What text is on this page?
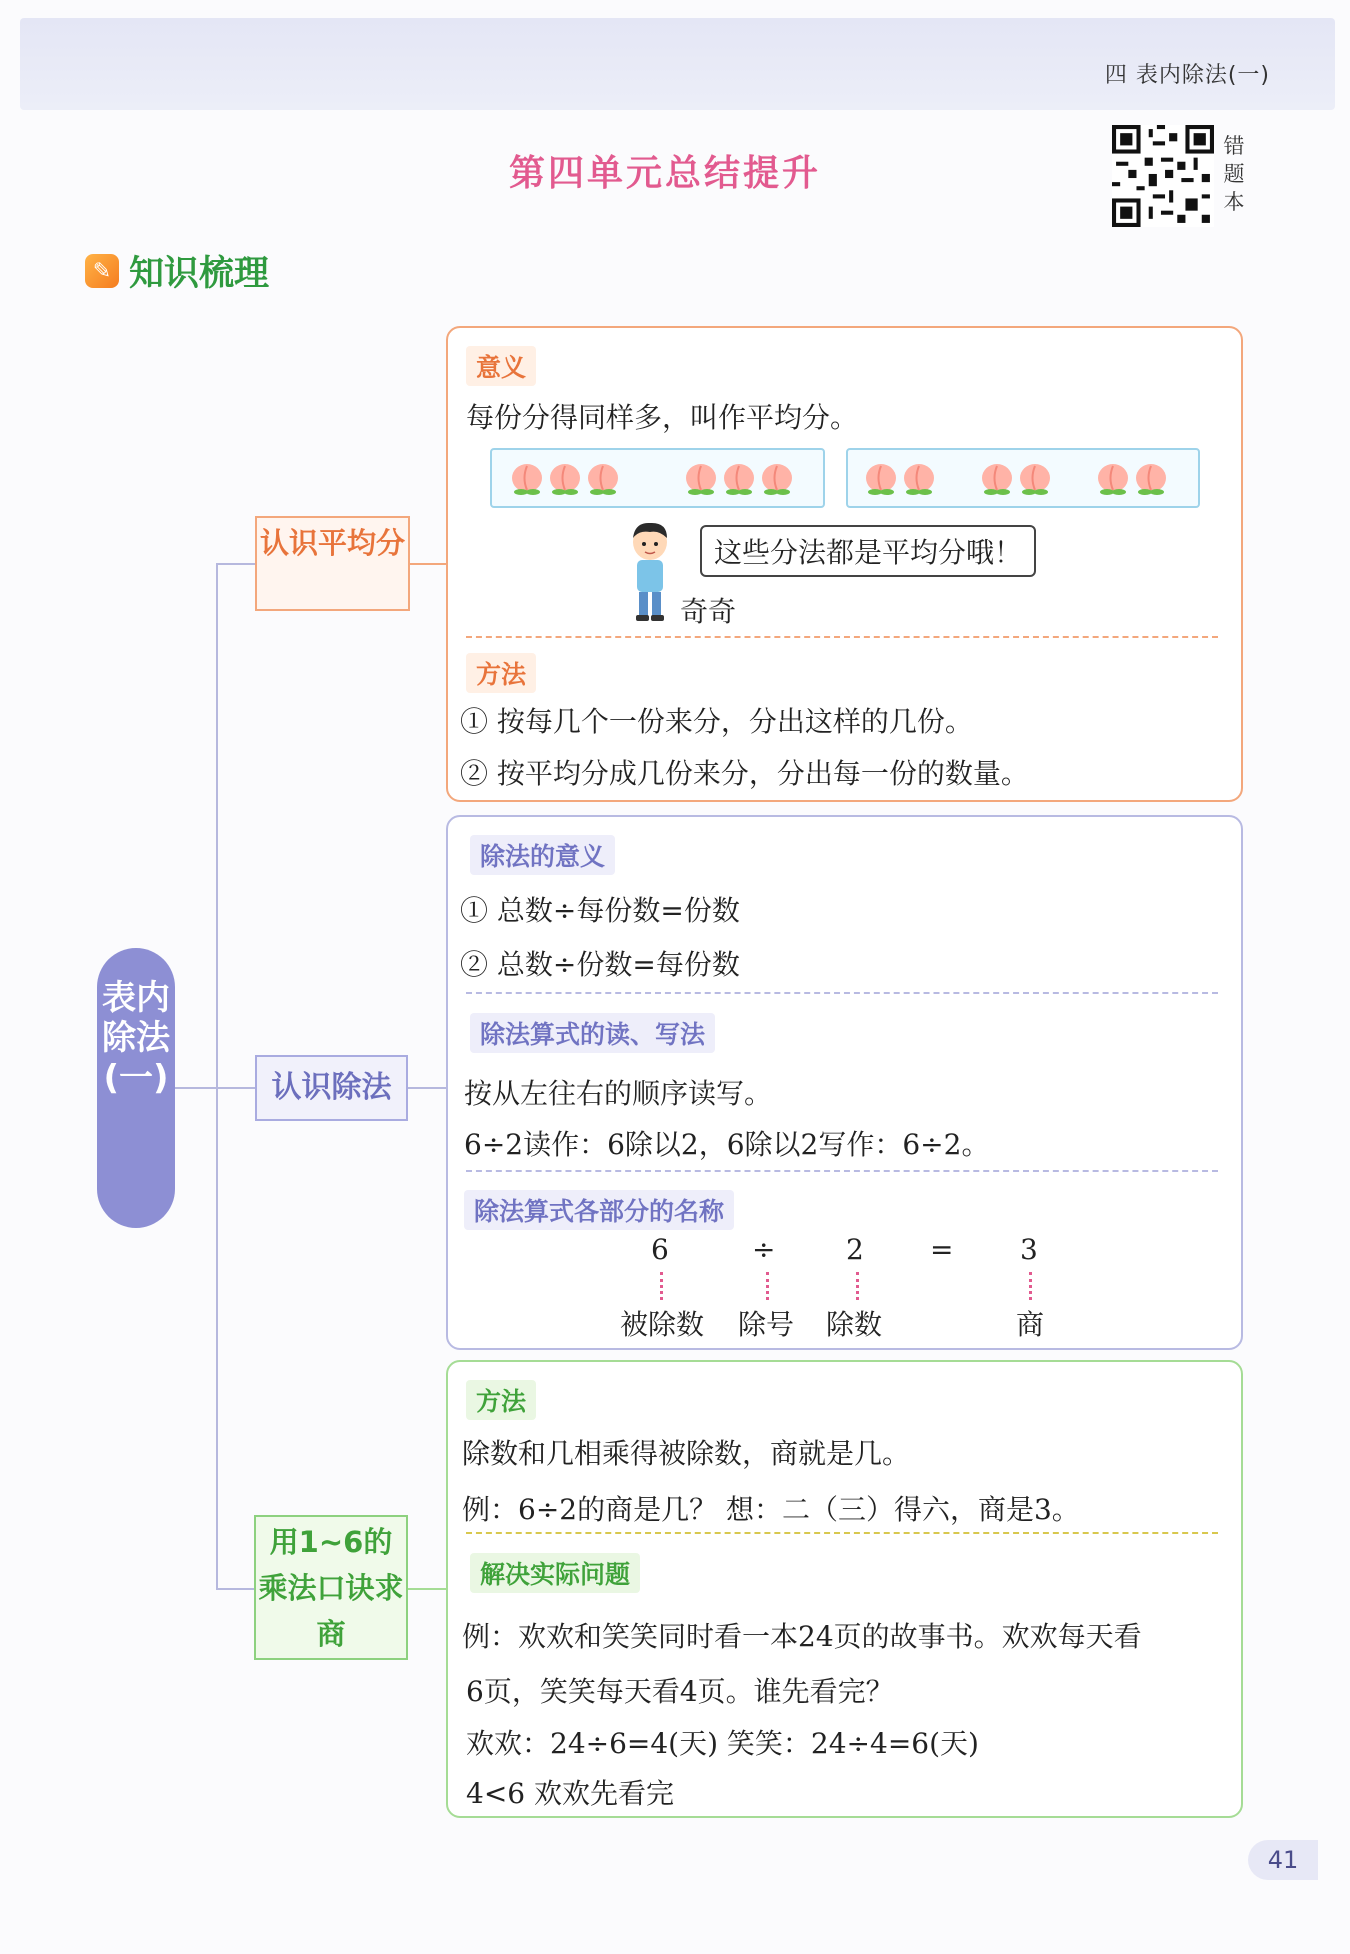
四 表内除法(一)
第四单元总结提升
错题本
✎ 知识梳理
表内除法(一)
认识平均分
认识除法
用1~6的乘法口诀求商
意义
每份分得同样多，叫作平均分。
这些分法都是平均分哦！
奇奇
方法
① 按每几个一份来分，分出这样的几份。
② 按平均分成几份来分，分出每一份的数量。
除法的意义
① 总数÷每份数=份数
② 总数÷份数=每份数
除法算式的读、写法
按从左往右的顺序读写。
6÷2读作：6除以2，6除以2写作：6÷2。
除法算式各部分的名称
6	÷	2 = 3
被除数 除号 除数	商
方法
除数和几相乘得被除数，商就是几。
例：6÷2的商是几？ 想：二（三）得六，商是3。
解决实际问题
例：欢欢和笑笑同时看一本24页的故事书。欢欢每天看
6页，笑笑每天看4页。谁先看完？
欢欢：24÷6=4(天) 笑笑：24÷4=6(天)
4<6 欢欢先看完
41
